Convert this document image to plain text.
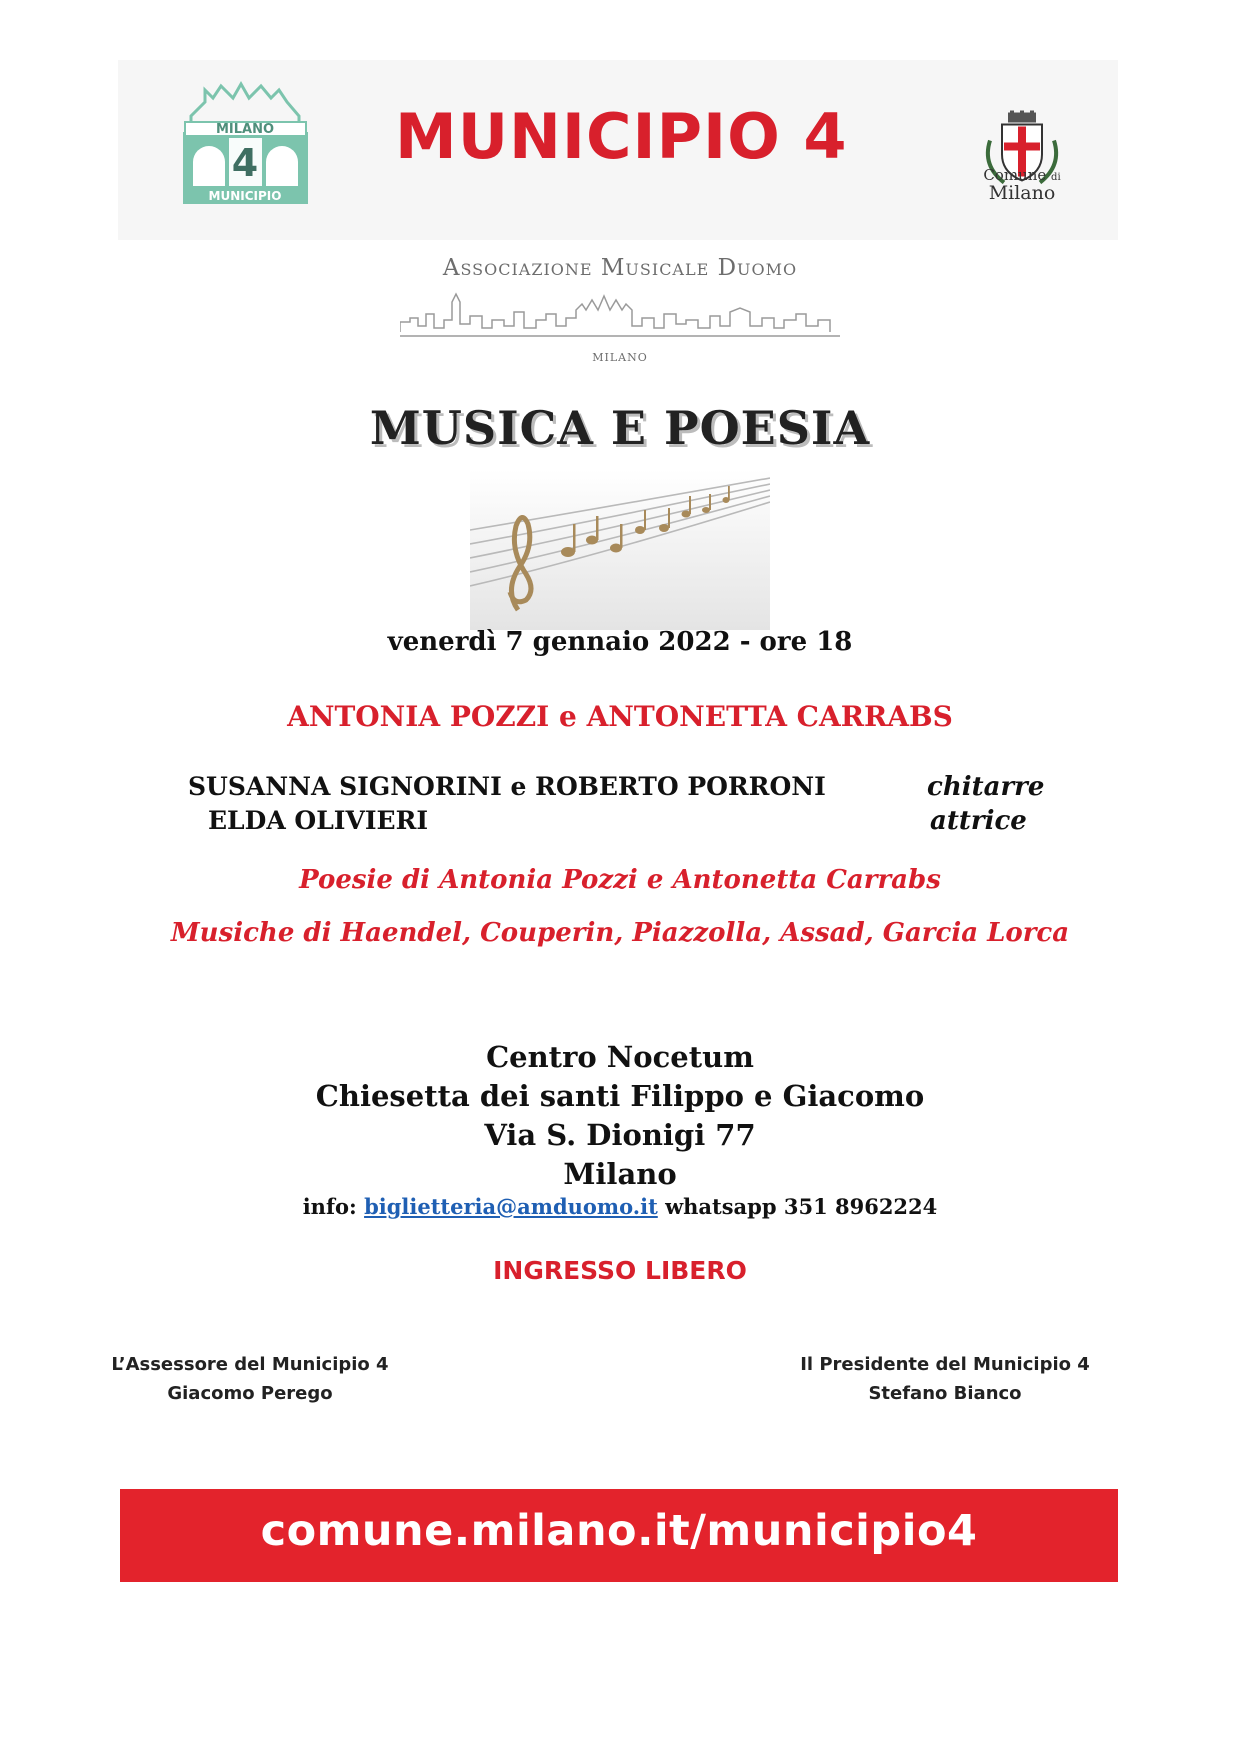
MILANO
4
MUNICIPIO
MUNICIPIO 4
Comune di
Milano
Associazione Musicale Duomo
MILANO
MUSICA E POESIA
venerdì 7 gennaio 2022 - ore 18
ANTONIA POZZI e ANTONETTA CARRABS
SUSANNA SIGNORINI e ROBERTO PORRONI	chitarre
ELDA OLIVIERI	attrice
Poesie di Antonia Pozzi e Antonetta Carrabs
Musiche di Haendel, Couperin, Piazzolla, Assad, Garcia Lorca
Centro Nocetum
Chiesetta dei santi Filippo e Giacomo
Via S. Dionigi 77
Milano
info: biglietteria@amduomo.it whatsapp 351 8962224
INGRESSO LIBERO
L’Assessore del Municipio 4
Giacomo Perego
Il Presidente del Municipio 4
Stefano Bianco
comune.milano.it/municipio4
